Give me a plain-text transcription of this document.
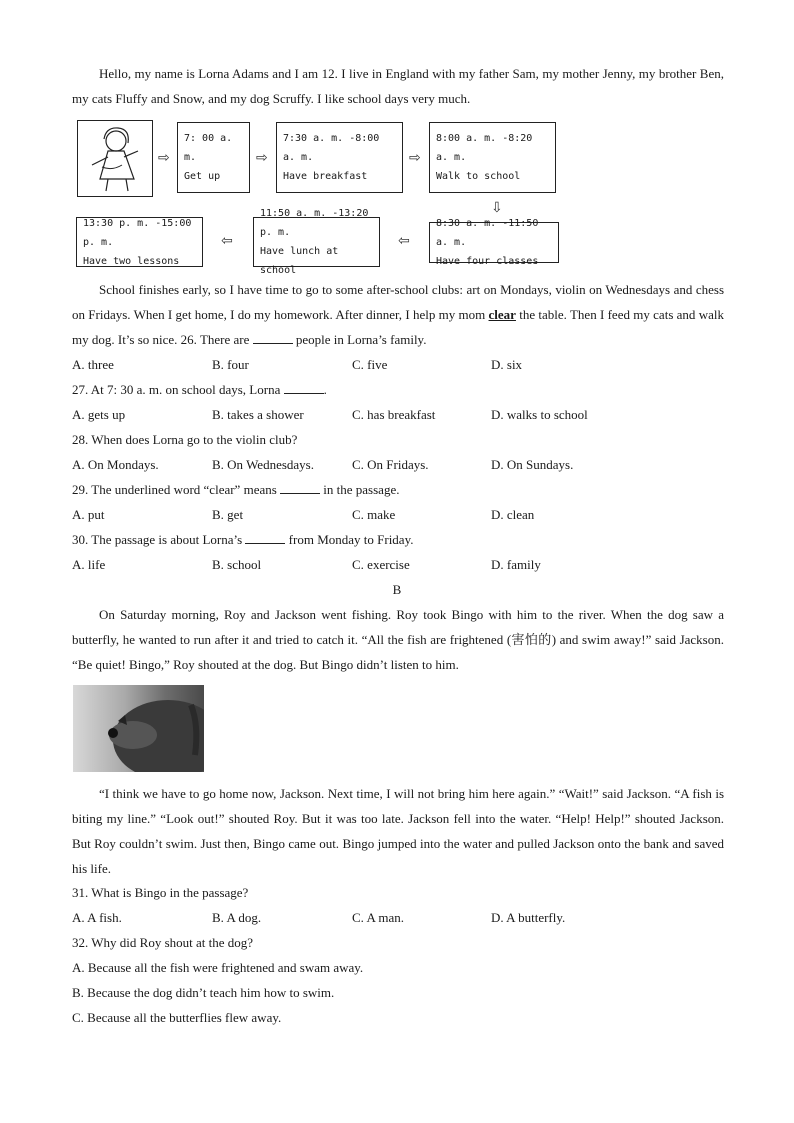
Hello, my name is Lorna Adams and I am 12. I live in England with my father Sam, my mother Jenny, my brother Ben, my cats Fluffy and Snow, and my dog Scruffy. I like school days very much.
⇨
7: 00 a. m.
Get up
⇨
7:30 a. m. -8:00 a. m.
Have breakfast
⇨
8:00 a. m. -8:20 a. m.
Walk to school
⇩
8:30 a. m. -11:50 a. m.
Have four classes
⇦
11:50 a. m. -13:20 p. m.
Have lunch at school
⇦
13:30 p. m. -15:00 p. m.
Have two lessons
School finishes early, so I have time to go to some after-school clubs: art on Mondays, violin on Wednesdays and chess on Fridays. When I get home, I do my homework. After dinner, I help my mom clear the table. Then I feed my cats and walk my dog. It’s so nice. 26. There are	people in Lorna’s family.
A. three	B. four	C. five	D. six
27. At 7: 30 a. m. on school days, Lorna	.
A. gets up	B. takes a shower	C. has breakfast	D. walks to school
28. When does Lorna go to the violin club?
A. On Mondays.	B. On Wednesdays.	C. On Fridays.	D. On Sundays.
29. The underlined word “clear” means	in the passage.
A. put	B. get	C. make	D. clean
30. The passage is about Lorna’s	from Monday to Friday.
A. life	B. school	C. exercise	D. family
B
On Saturday morning, Roy and Jackson went fishing. Roy took Bingo with him to the river. When the dog saw a butterfly, he wanted to run after it and tried to catch it. “All the fish are frightened (害怕的) and swim away!” said Jackson. “Be quiet! Bingo,” Roy shouted at the dog. But Bingo didn’t listen to him.
“I think we have to go home now, Jackson. Next time, I will not bring him here again.” “Wait!” said Jackson. “A fish is biting my line.” “Look out!” shouted Roy. But it was too late. Jackson fell into the water. “Help! Help!” shouted Jackson. But Roy couldn’t swim. Just then, Bingo came out. Bingo jumped into the water and pulled Jackson onto the bank and saved his life.
31. What is Bingo in the passage?
A. A fish.	B. A dog.	C. A man.	D. A butterfly.
32. Why did Roy shout at the dog?
A. Because all the fish were frightened and swam away.
B. Because the dog didn’t teach him how to swim.
C. Because all the butterflies flew away.
